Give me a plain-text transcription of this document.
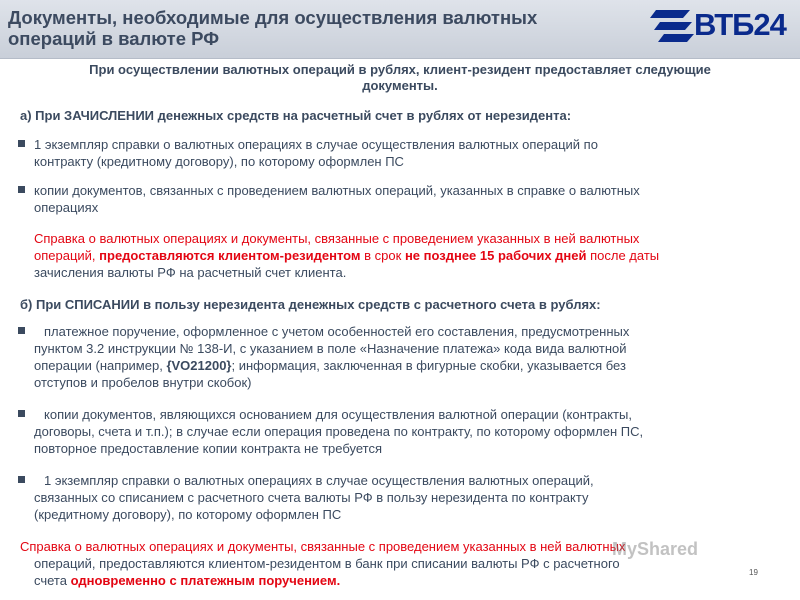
Документы, необходимые для осуществления валютных
операций в валюте РФ	ВТБ24
При осуществлении валютных операций в рублях, клиент-резидент предоставляет следующие
документы.
а) При ЗАЧИСЛЕНИИ денежных средств на расчетный счет в рублях от нерезидента:
1 экземпляр справки о валютных операциях в случае осуществления валютных операций по
контракту (кредитному договору), по которому оформлен ПС
копии документов, связанных с проведением валютных операций, указанных в справке о валютных
операциях
Справка о валютных операциях и документы, связанные с проведением указанных в ней валютных
операций, предоставляются клиентом-резидентом в срок не позднее 15 рабочих дней после даты
зачисления валюты РФ на расчетный счет клиента.
б) При СПИСАНИИ в пользу нерезидента денежных средств с расчетного счета в рублях:
платежное поручение, оформленное с учетом особенностей его составления, предусмотренных
пунктом 3.2 инструкции № 138-И, с указанием в поле «Назначение платежа» кода вида валютной
операции (например, {VO21200}; информация, заключенная в фигурные скобки, указывается без
отступов и пробелов внутри скобок)
копии документов, являющихся основанием для осуществления валютной операции (контракты,
договоры, счета и т.п.); в случае если операция проведена по контракту, по которому оформлен ПС,
повторное предоставление копии контракта не требуется
1 экземпляр справки о валютных операциях в случае осуществления валютных операций,
связанных со списанием с расчетного счета валюты РФ в пользу нерезидента по контракту
(кредитному договору), по которому оформлен ПС
Справка о валютных операциях и документы, связанные с проведением указанных в ней валютных
операций, предоставляются клиентом-резидентом в банк при списании валюты РФ с расчетного
счета одновременно с платежным поручением.
MyShared
19
